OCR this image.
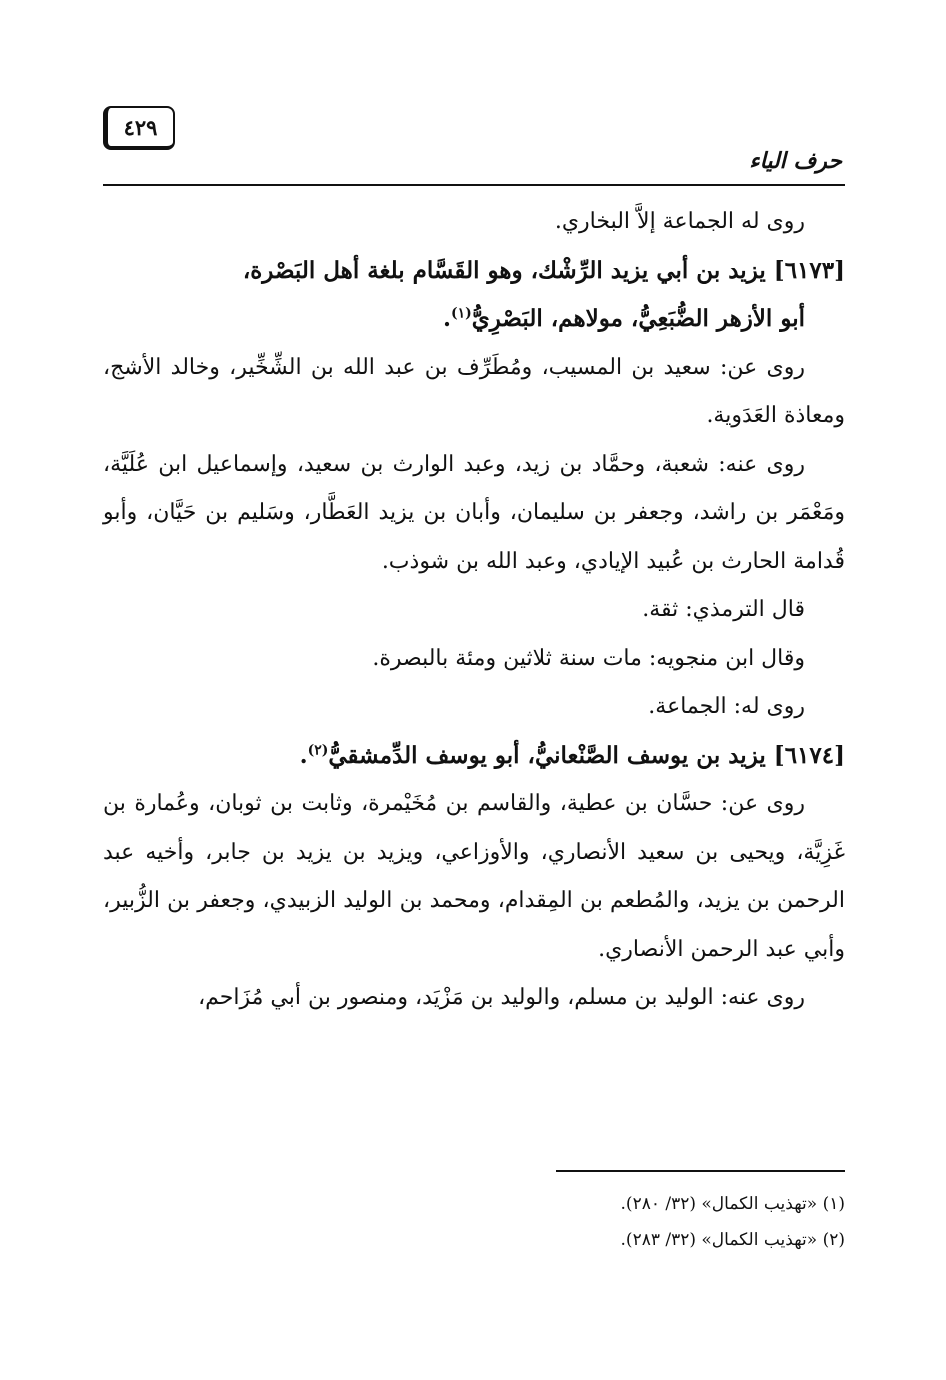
٤٢٩
حرف الياء

روى له الجماعة إلاَّ البخاري.

[٦١٧٣] يزيد بن أبي يزيد الرِّشْك، وهو القَسَّام بلغة أهل البَصْرة،

أبو الأزهر الضُّبَعِيُّ، مولاهم، البَصْرِيُّ$^{(١)}$.

روى عن: سعيد بن المسيب، ومُطَرِّف بن عبد الله بن الشِّخِّير، وخالد الأشج، ومعاذة العَدَوية.

روى عنه: شعبة، وحمَّاد بن زيد، وعبد الوارث بن سعيد، وإسماعيل ابن عُلَيَّة، ومَعْمَر بن راشد، وجعفر بن سليمان، وأبان بن يزيد العَطَّار، وسَليم بن حَيَّان، وأبو قُدامة الحارث بن عُبيد الإيادي، وعبد الله بن شوذب.

قال الترمذي: ثقة.

وقال ابن منجويه: مات سنة ثلاثين ومئة بالبصرة.

روى له: الجماعة.

[٦١٧٤] يزيد بن يوسف الصَّنْعانيُّ، أبو يوسف الدِّمشقيُّ$^{(٢)}$.

روى عن: حسَّان بن عطية، والقاسم بن مُخَيْمرة، وثابت بن ثوبان، وعُمارة بن غَزِيَّة، ويحيى بن سعيد الأنصاري، والأوزاعي، ويزيد بن يزيد بن جابر، وأخيه عبد الرحمن بن يزيد، والمُطعم بن المِقدام، ومحمد بن الوليد الزبيدي، وجعفر بن الزُّبير، وأبي عبد الرحمن الأنصاري.

روى عنه: الوليد بن مسلم، والوليد بن مَزْيَد، ومنصور بن أبي مُزَاحم،

(١) «تهذيب الكمال» (٣٢/ ٢٨٠).
(٢) «تهذيب الكمال» (٣٢/ ٢٨٣).
